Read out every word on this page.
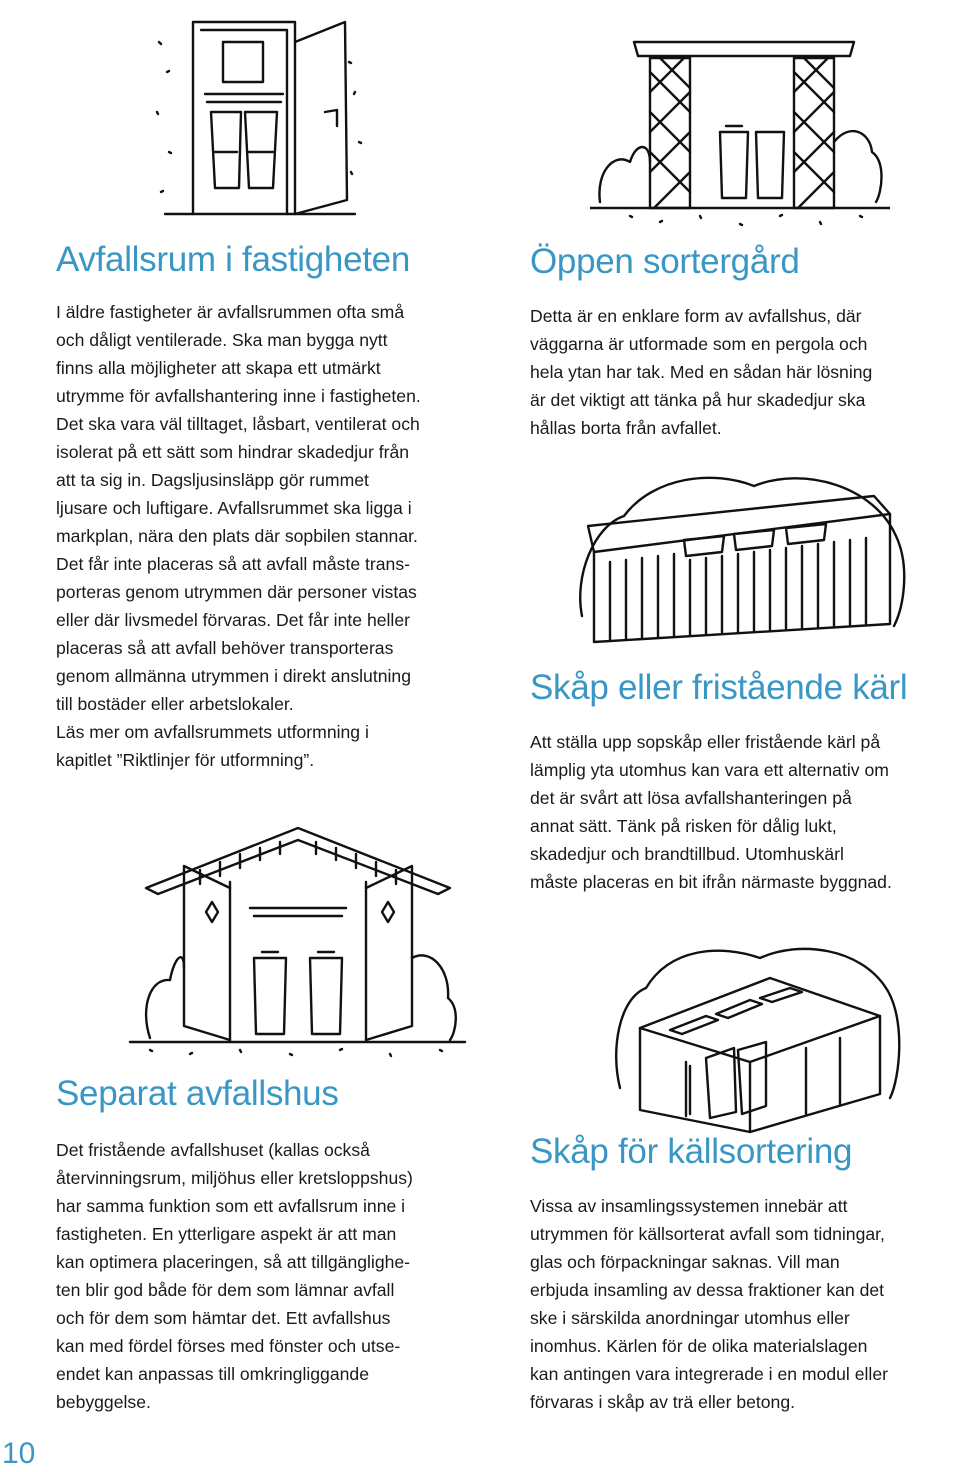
Avfallsrum i fastigheten

I äldre fastigheter är avfallsrummen ofta små
och dåligt ventilerade. Ska man bygga nytt
finns alla möjligheter att skapa ett utmärkt
utrymme för avfallshantering inne i fastigheten.
Det ska vara väl tilltaget, låsbart, ventilerat och
isolerat på ett sätt som hindrar skadedjur från
att ta sig in. Dagsljusinsläpp gör rummet
ljusare och luftigare. Avfallsrummet ska ligga i
markplan, nära den plats där sopbilen stannar.
Det får inte placeras så att avfall måste trans-
porteras genom utrymmen där personer vistas
eller där livsmedel förvaras. Det får inte heller
placeras så att avfall behöver transporteras
genom allmänna utrymmen i direkt anslutning
till bostäder eller arbetslokaler.
Läs mer om avfallsrummets utformning i
kapitlet ”Riktlinjer för utformning”.

Separat avfallshus

Det fristående avfallshuset (kallas också
återvinningsrum, miljöhus eller kretsloppshus)
har samma funktion som ett avfallsrum inne i
fastigheten. En ytterligare aspekt är att man
kan optimera placeringen, så att tillgänglighe-
ten blir god både för dem som lämnar avfall
och för dem som hämtar det. Ett avfallshus
kan med fördel förses med fönster och utse-
endet kan anpassas till omkringliggande
bebyggelse.

Öppen sortergård

Detta är en enklare form av avfallshus, där
väggarna är utformade som en pergola och
hela ytan har tak. Med en sådan här lösning
är det viktigt att tänka på hur skadedjur ska
hållas borta från avfallet.

Skåp eller fristående kärl

Att ställa upp sopskåp eller fristående kärl på
lämplig yta utomhus kan vara ett alternativ om
det är svårt att lösa avfallshanteringen på
annat sätt. Tänk på risken för dålig lukt,
skadedjur och brandtillbud. Utomhuskärl
måste placeras en bit ifrån närmaste byggnad.

Skåp för källsortering

Vissa av insamlingssystemen innebär att
utrymmen för källsorterat avfall som tidningar,
glas och förpackningar saknas. Vill man
erbjuda insamling av dessa fraktioner kan det
ske i särskilda anordningar utomhus eller
inomhus. Kärlen för de olika materialslagen
kan antingen vara integrerade i en modul eller
förvaras i skåp av trä eller betong.

10
